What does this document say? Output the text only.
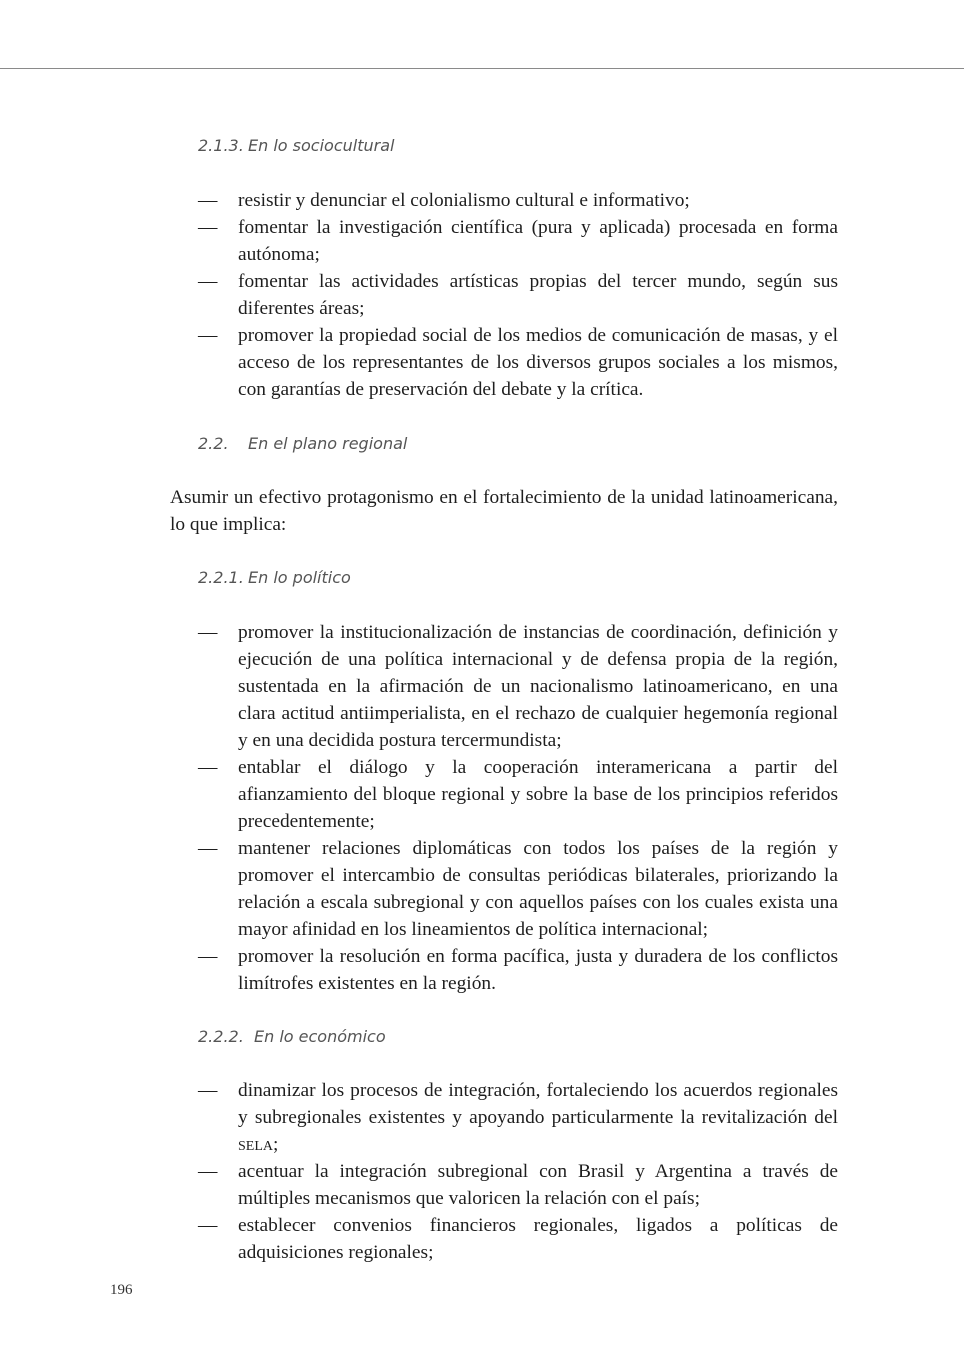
2.1.3. En lo sociocultural
— resistir y denunciar el colonialismo cultural e informativo;
— fomentar la investigación científica (pura y aplicada) procesada en forma autónoma;
— fomentar las actividades artísticas propias del tercer mundo, según sus diferentes áreas;
— promover la propiedad social de los medios de comunicación de masas, y el acceso de los representantes de los diversos grupos sociales a los mismos, con garantías de preservación del debate y la crítica.
2.2. En el plano regional

Asumir un efectivo protagonismo en el fortalecimiento de la unidad latinoamericana, lo que implica:

2.2.1. En lo político
— promover la institucionalización de instancias de coordinación, definición y ejecución de una política internacional y de defensa propia de la región, sustentada en la afirmación de un nacionalismo latinoamericano, en una clara actitud antiimperialista, en el rechazo de cualquier hegemonía regional y en una decidida postura tercermundista;
— entablar el diálogo y la cooperación interamericana a partir del afianzamiento del bloque regional y sobre la base de los principios referidos precedentemente;
— mantener relaciones diplomáticas con todos los países de la región y promover el intercambio de consultas periódicas bilaterales, priorizando la relación a escala subregional y con aquellos países con los cuales exista una mayor afinidad en los lineamientos de política internacional;
— promover la resolución en forma pacífica, justa y duradera de los conflictos limítrofes existentes en la región.
2.2.2. En lo económico
— dinamizar los procesos de integración, fortaleciendo los acuerdos regionales y subregionales existentes y apoyando particularmente la revitalización del sela;
— acentuar la integración subregional con Brasil y Argentina a través de múltiples mecanismos que valoricen la relación con el país;
— establecer convenios financieros regionales, ligados a políticas de adquisiciones regionales;
196
